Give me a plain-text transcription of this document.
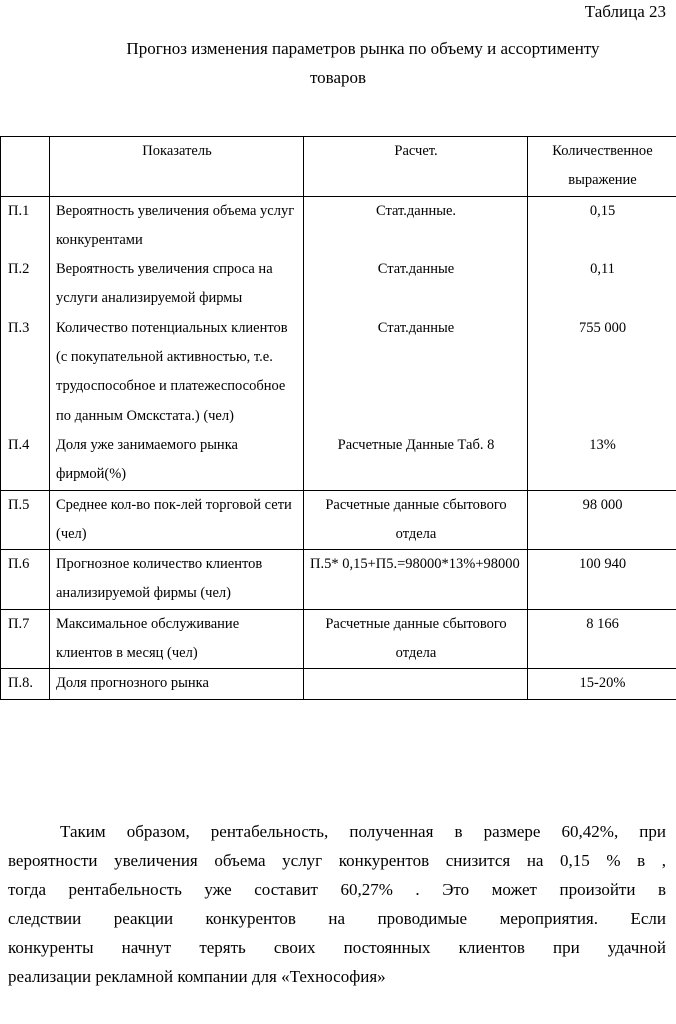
Таблица 23
Прогноз изменения параметров рынка по объему и ассортименту
товаров
	Показатель	Расчет.	Количественное выражение
П.1	Вероятность увеличения объема услуг конкурентами	Стат.данные.	0,15
П.2	Вероятность увеличения спроса на услуги анализируемой фирмы	Стат.данные	0,11
П.3	Количество потенциальных клиентов (с покупательной активностью, т.е. трудоспособное и платежеспособное по данным Омскстата.) (чел)	Стат.данные	755 000
П.4	Доля уже занимаемого рынка фирмой(%)	Расчетные Данные Таб. 8	13%
П.5	Среднее кол-во пок-лей торговой сети (чел)	Расчетные данные сбытового отдела	98 000
П.6	Прогнозное количество клиентов анализируемой фирмы (чел)	П.5* 0,15+П5.=98000*13%+98000	100 940
П.7	Максимальное обслуживание клиентов в месяц (чел)	Расчетные данные сбытового отдела	8 166
П.8.	Доля прогнозного рынка		15-20%
Таким образом, рентабельность, полученная в размере 60,42%, при
вероятности увеличения объема услуг конкурентов снизится на 0,15 % в ,
тогда рентабельность уже составит 60,27% . Это может произойти в
следствии реакции конкурентов на проводимые мероприятия. Если
конкуренты начнут терять своих постоянных клиентов при удачной
реализации рекламной компании для «Технософия»
